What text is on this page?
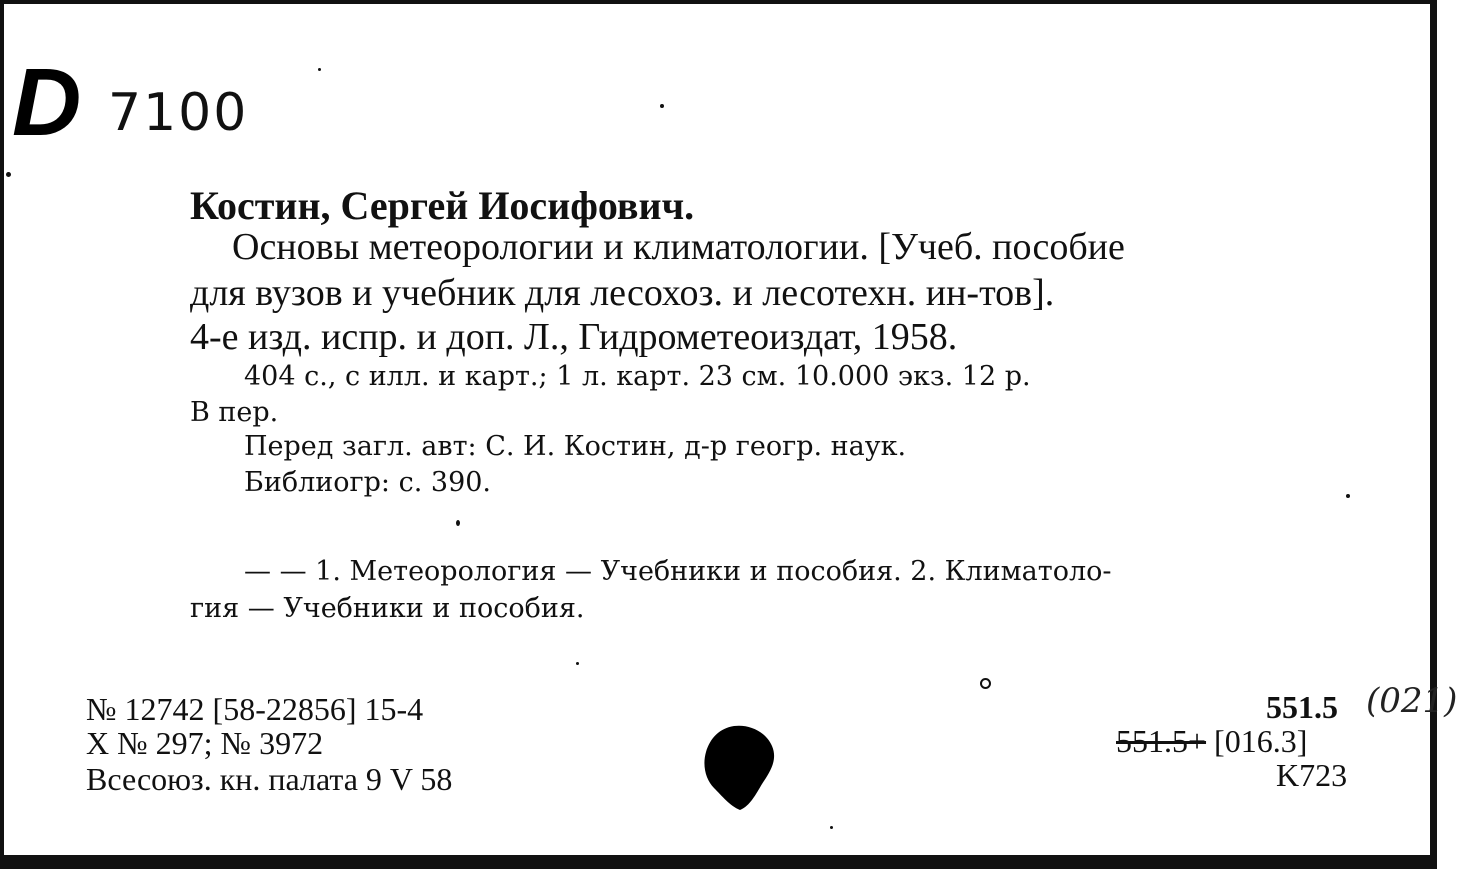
D 7100
Костин, Сергей Иосифович.
Основы метеорологии и климатологии. [Учеб. пособие
для вузов и учебник для лесохоз. и лесотехн. ин-тов].
4-е изд. испр. и доп. Л., Гидрометеоиздат, 1958.
404 с., с илл. и карт.; 1 л. карт. 23 см. 10.000 экз. 12 р.
В пер.
Перед загл. авт: С. И. Костин, д-р геогр. наук.
Библиогр: с. 390.
— — 1. Метеорология — Учебники и пособия. 2. Климатоло-
гия — Учебники и пособия.
№ 12742 [58-22856] 15-4
X № 297; № 3972
Всесоюз. кн. палата 9 V 58
551.5 (021)
551.5+ [016.3]
K723
